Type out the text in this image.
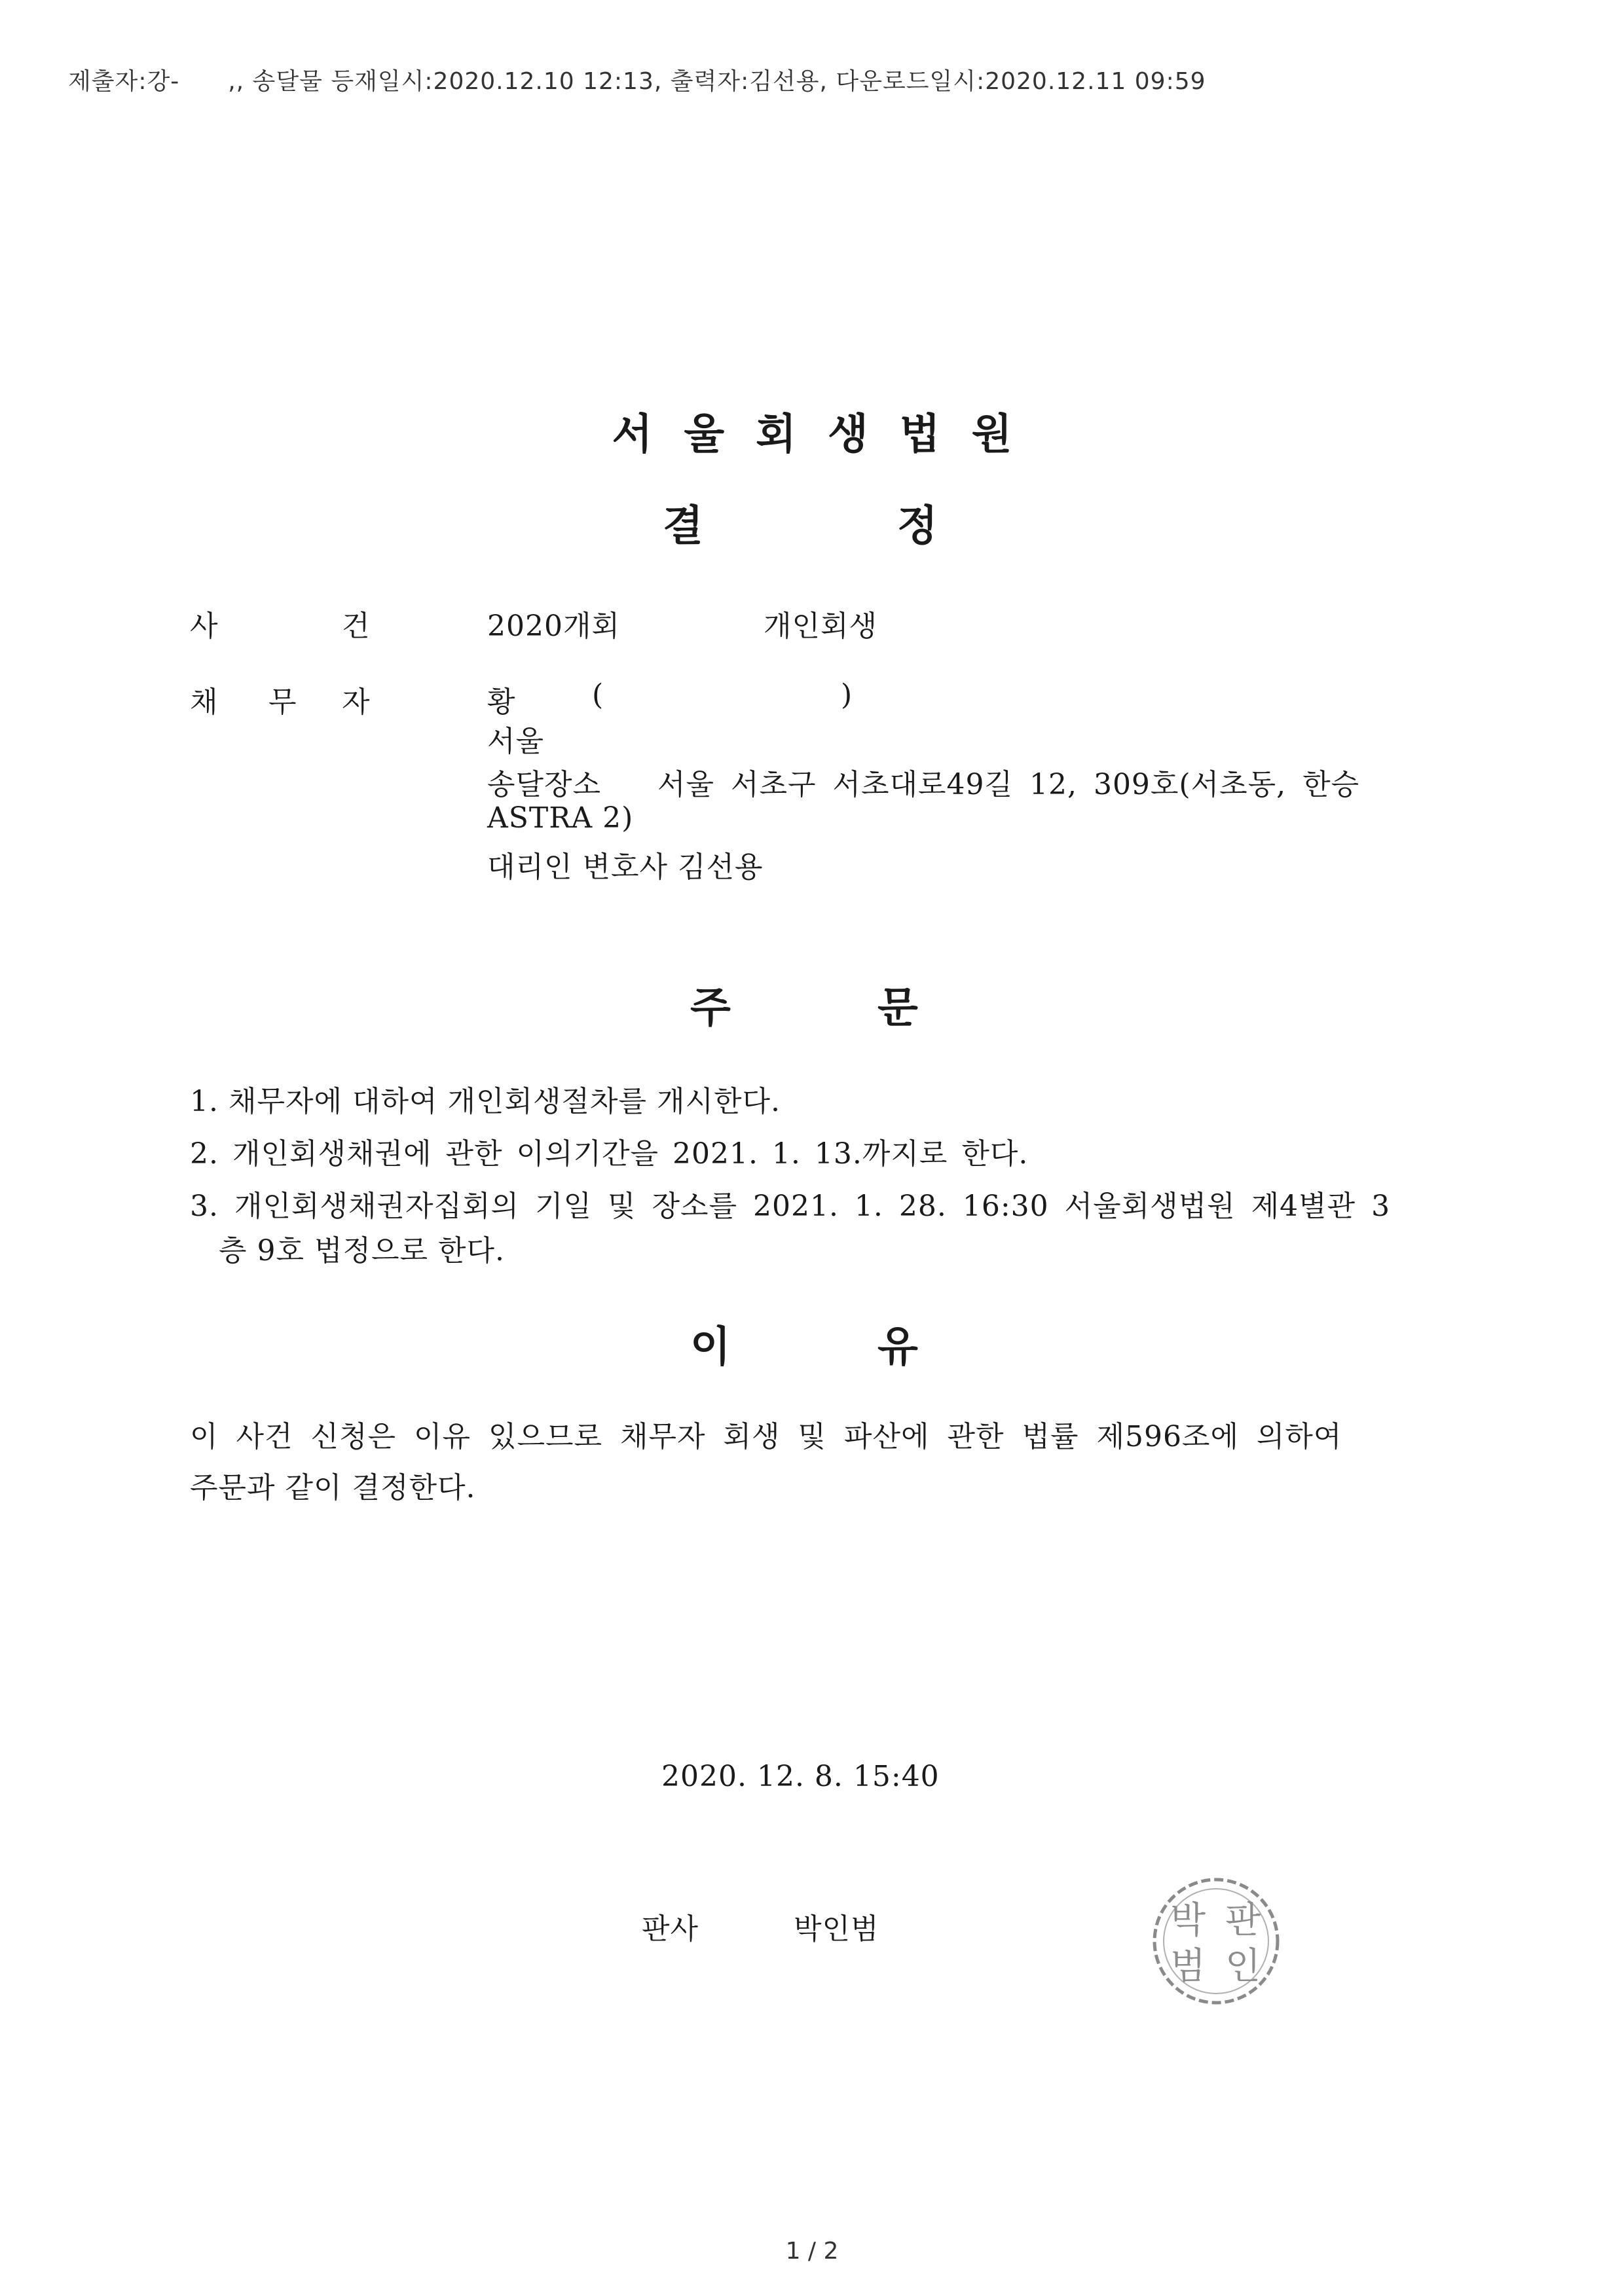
제출자:강-　　,, 송달물 등재일시:2020.12.10 12:13, 출력자:김선용, 다운로드일시:2020.12.11 09:59
서울회생법원
결	정
사	건	2020개회	개인회생
채 무 자	황	(	)
서울
송달장소 서울 서초구 서초대로49길 12, 309호(서초동, 한승
ASTRA 2)
대리인 변호사 김선용
주	문
1. 채무자에 대하여 개인회생절차를 개시한다.
2. 개인회생채권에 관한 이의기간을 2021. 1. 13.까지로 한다.
3. 개인회생채권자집회의 기일 및 장소를 2021. 1. 28. 16:30 서울회생법원 제4별관 3
층 9호 법정으로 한다.
이	유
이 사건 신청은 이유 있으므로 채무자 회생 및 파산에 관한 법률 제596조에 의하여
주문과 같이 결정한다.
2020. 12. 8. 15:40
판사	박인범	박 판
범 인
1 / 2
